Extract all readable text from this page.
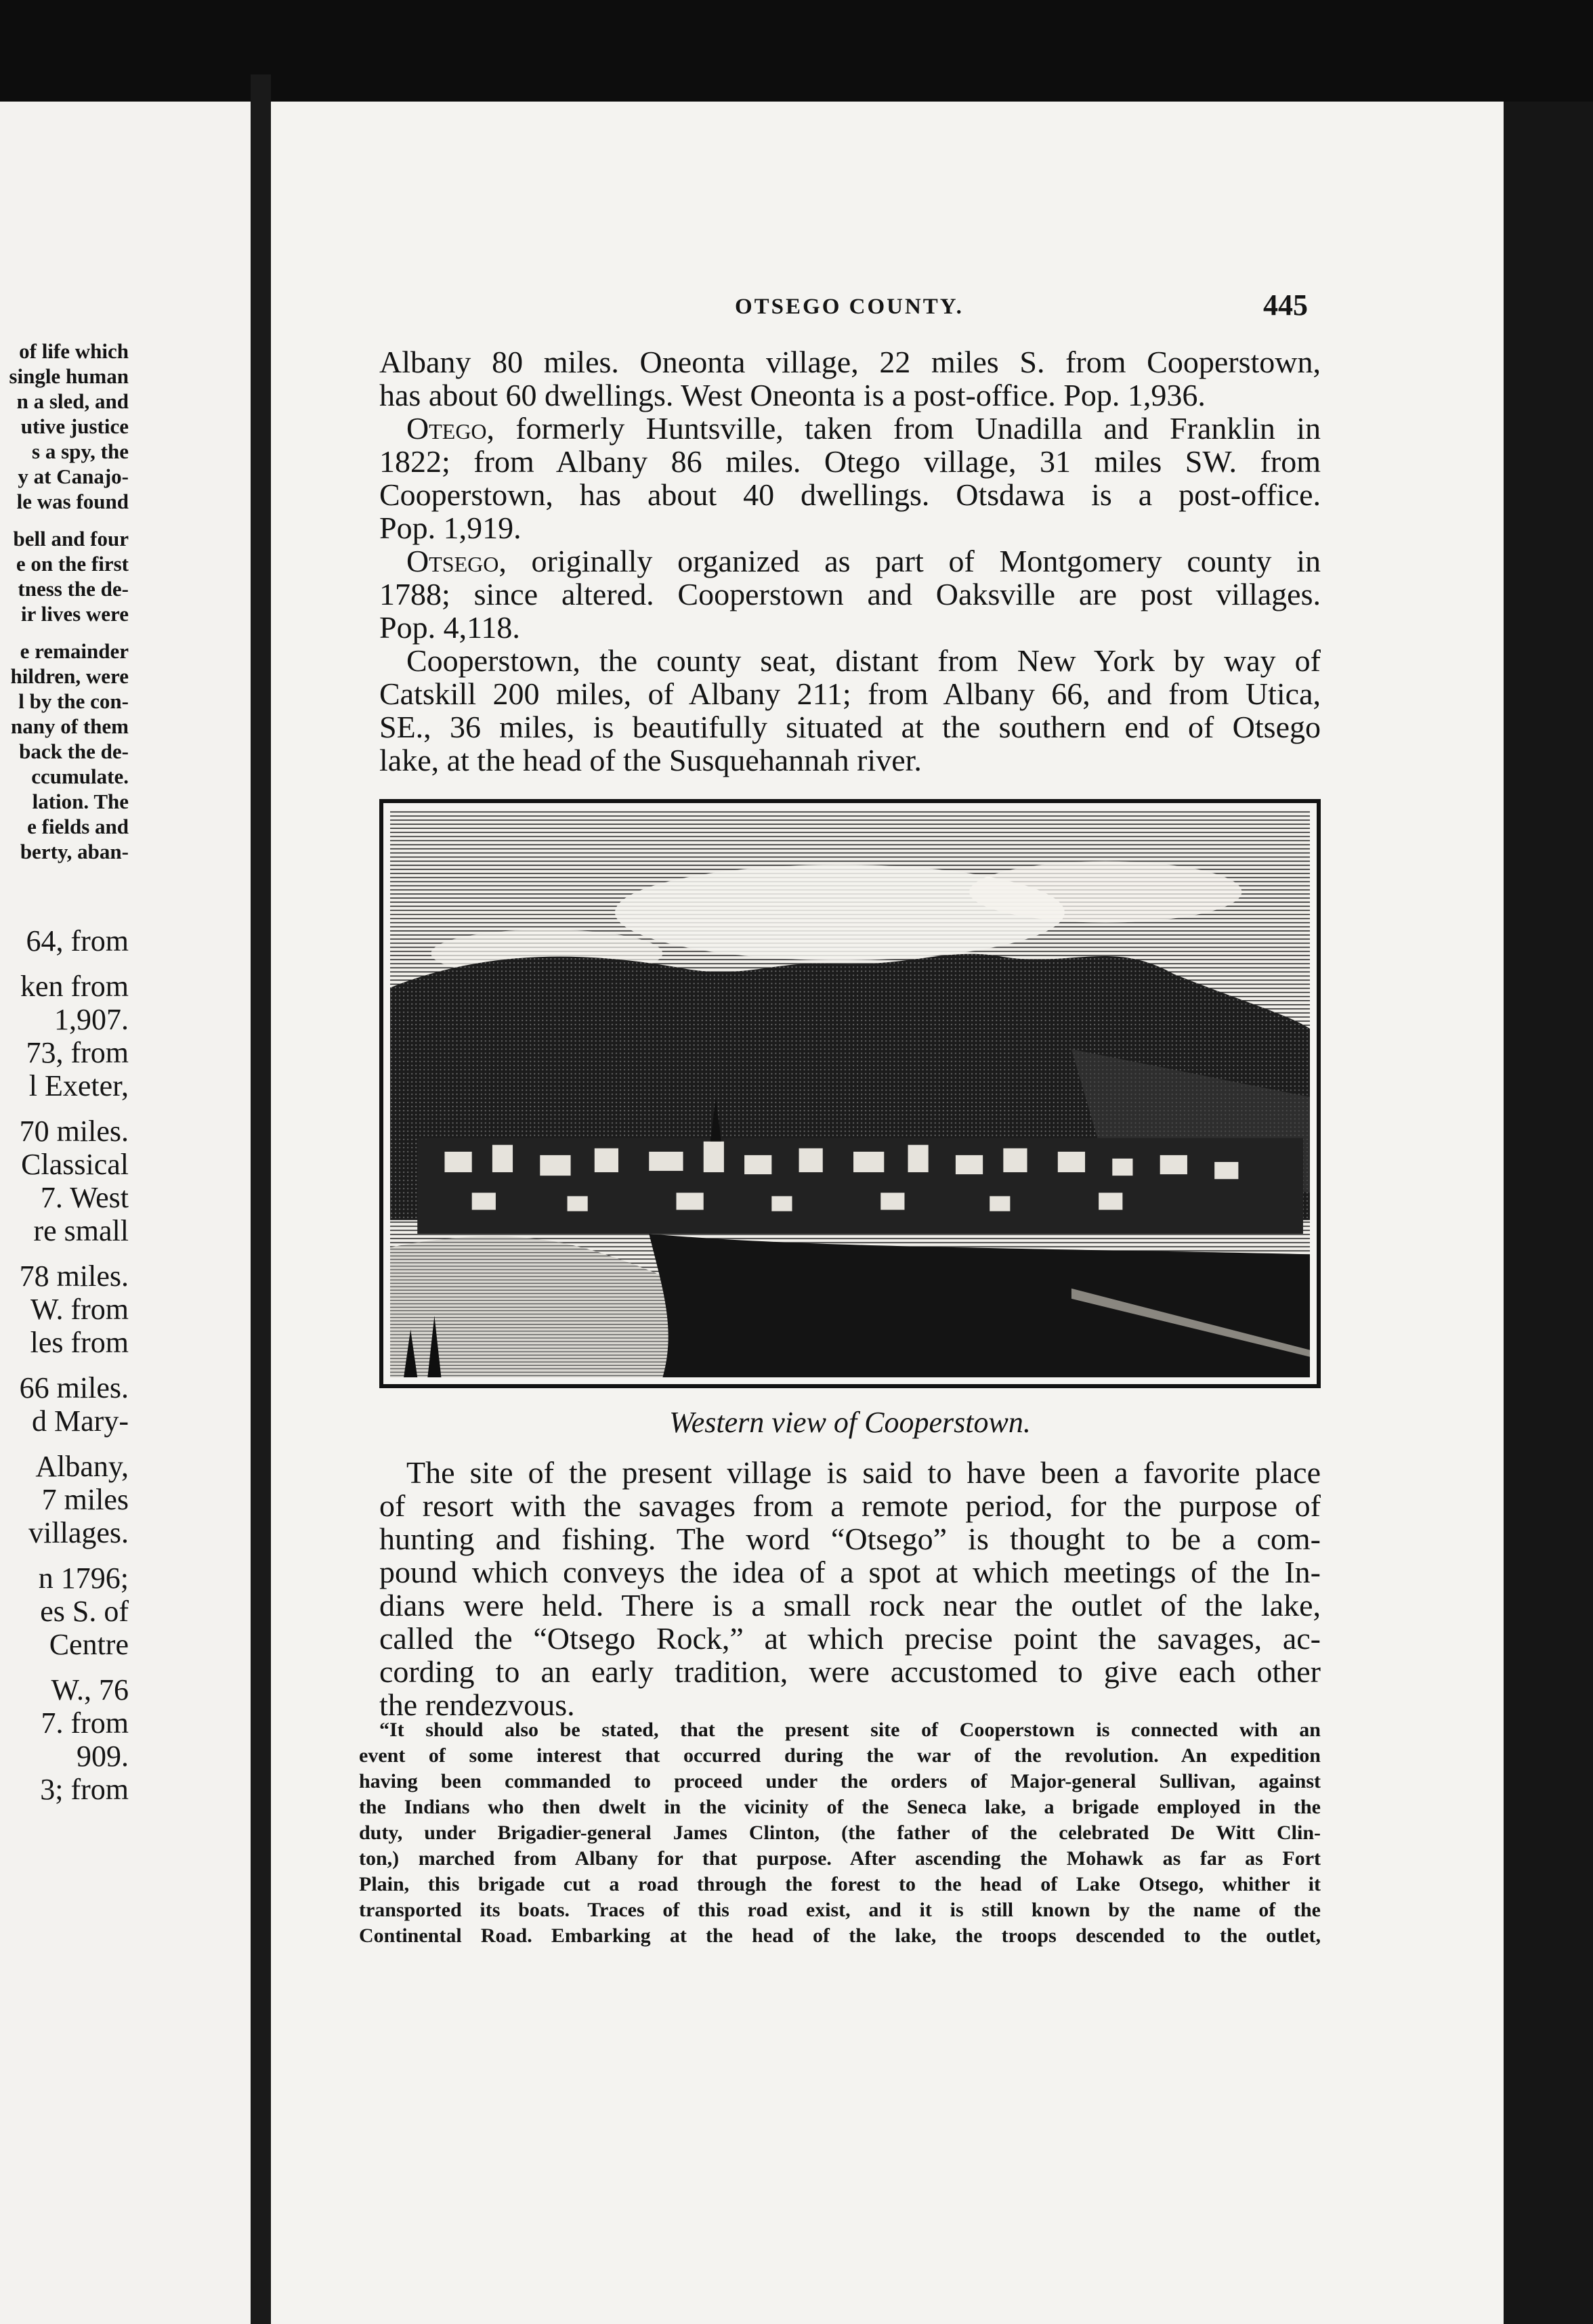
of life which

single human

n a sled, and

utive justice

s a spy, the

y at Canajo-

le was found

bell and four

e on the first

tness the de-

ir lives were

e remainder

hildren, were

l by the con-

nany of them

back the de-

ccumulate.

lation. The

e fields and

berty, aban-

64, from

ken from

1,907.

73, from

l Exeter,

70 miles.

Classical

7. West

re small

78 miles.

W. from

les from

66 miles.

d Mary-

Albany,

7 miles

villages.

n 1796;

es S. of

Centre

W., 76

7. from

909.

3; from

OTSEGO COUNTY.	445

Albany 80 miles. Oneonta village, 22 miles S. from Cooperstown,
has about 60 dwellings. West Oneonta is a post-office. Pop. 1,936.

Otego, formerly Huntsville, taken from Unadilla and Franklin in
1822; from Albany 86 miles. Otego village, 31 miles SW. from
Cooperstown, has about 40 dwellings. Otsdawa is a post-office.
Pop. 1,919.

Otsego, originally organized as part of Montgomery county in
1788; since altered. Cooperstown and Oaksville are post villages.
Pop. 4,118.

Cooperstown, the county seat, distant from New York by way of
Catskill 200 miles, of Albany 211; from Albany 66, and from Utica,
SE., 36 miles, is beautifully situated at the southern end of Otsego
lake, at the head of the Susquehannah river.

Western view of Cooperstown.
The site of the present village is said to have been a favorite place
of resort with the savages from a remote period, for the purpose of
hunting and fishing. The word “Otsego” is thought to be a com-
pound which conveys the idea of a spot at which meetings of the In-
dians were held. There is a small rock near the outlet of the lake,
called the “Otsego Rock,” at which precise point the savages, ac-
cording to an early tradition, were accustomed to give each other
the rendezvous.
“It should also be stated, that the present site of Cooperstown is connected with an
event of some interest that occurred during the war of the revolution. An expedition
having been commanded to proceed under the orders of Major-general Sullivan, against
the Indians who then dwelt in the vicinity of the Seneca lake, a brigade employed in the
duty, under Brigadier-general James Clinton, (the father of the celebrated De Witt Clin-
ton,) marched from Albany for that purpose. After ascending the Mohawk as far as Fort
Plain, this brigade cut a road through the forest to the head of Lake Otsego, whither it
transported its boats. Traces of this road exist, and it is still known by the name of the
Continental Road. Embarking at the head of the lake, the troops descended to the outlet,
